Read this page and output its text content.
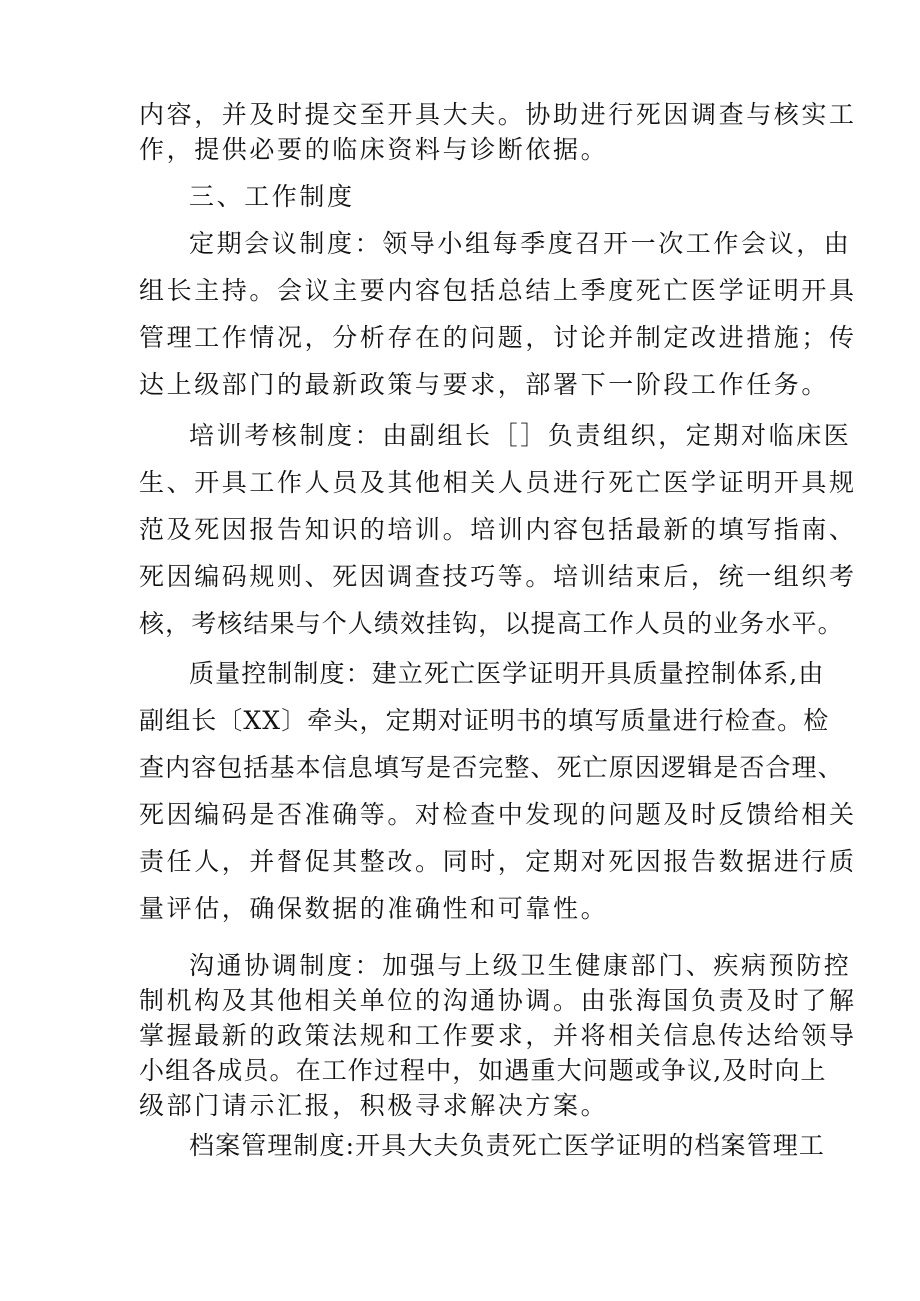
内容，并及时提交至开具大夫。协助进行死因调查与核实工
作，提供必要的临床资料与诊断依据。
三、工作制度
定期会议制度：领导小组每季度召开一次工作会议，由
组长主持。会议主要内容包括总结上季度死亡医学证明开具
管理工作情况，分析存在的问题，讨论并制定改进措施；传
达上级部门的最新政策与要求，部署下一阶段工作任务。
培训考核制度：由副组长［］负责组织，定期对临床医
生、开具工作人员及其他相关人员进行死亡医学证明开具规
范及死因报告知识的培训。培训内容包括最新的填写指南、
死因编码规则、死因调查技巧等。培训结束后，统一组织考
核，考核结果与个人绩效挂钩，以提高工作人员的业务水平。
质量控制制度：建立死亡医学证明开具质量控制体系,由
副组长〔XX〕牵头，定期对证明书的填写质量进行检查。检
查内容包括基本信息填写是否完整、死亡原因逻辑是否合理、
死因编码是否准确等。对检查中发现的问题及时反馈给相关
责任人，并督促其整改。同时，定期对死因报告数据进行质
量评估，确保数据的准确性和可靠性。
沟通协调制度：加强与上级卫生健康部门、疾病预防控
制机构及其他相关单位的沟通协调。由张海国负责及时了解
掌握最新的政策法规和工作要求，并将相关信息传达给领导
小组各成员。在工作过程中，如遇重大问题或争议,及时向上
级部门请示汇报，积极寻求解决方案。
档案管理制度:开具大夫负责死亡医学证明的档案管理工
